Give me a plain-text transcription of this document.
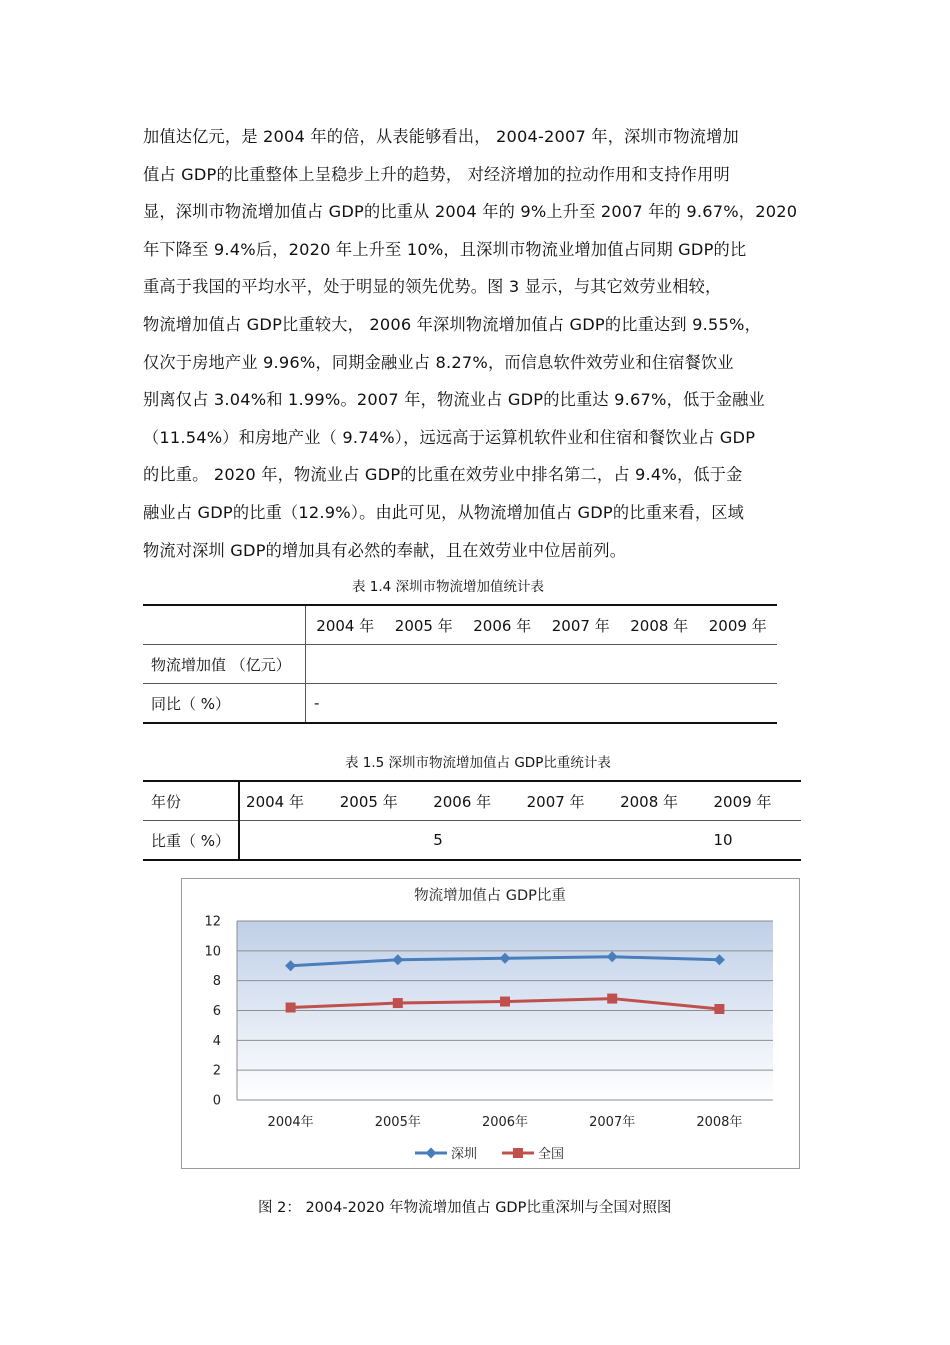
加值达亿元，是 2004 年的倍，从表能够看出， 2004-2007 年，深圳市物流增加
值占 GDP的比重整体上呈稳步上升的趋势， 对经济增加的拉动作用和支持作用明
显，深圳市物流增加值占 GDP的比重从 2004 年的 9%上升至 2007 年的 9.67%，2020
年下降至 9.4%后，2020 年上升至 10%，且深圳市物流业增加值占同期 GDP的比
重高于我国的平均水平，处于明显的领先优势。图 3 显示，与其它效劳业相较，
物流增加值占 GDP比重较大， 2006 年深圳物流增加值占 GDP的比重达到 9.55%，
仅次于房地产业 9.96%，同期金融业占 8.27%，而信息软件效劳业和住宿餐饮业
别离仅占 3.04%和 1.99%。2007 年，物流业占 GDP的比重达 9.67%，低于金融业
（11.54%）和房地产业（ 9.74%），远远高于运算机软件业和住宿和餐饮业占 GDP
的比重。 2020 年，物流业占 GDP的比重在效劳业中排名第二，占 9.4%，低于金
融业占 GDP的比重（12.9%）。由此可见，从物流增加值占 GDP的比重来看，区域
物流对深圳 GDP的增加具有必然的奉献，且在效劳业中位居前列。
表 1.4 深圳市物流增加值统计表
	2004 年	2005 年	2006 年	2007 年	2008 年	2009 年
物流增加值 （亿元）						
同比（ %）	-					
表 1.5 深圳市物流增加值占 GDP比重统计表
年份	2004 年	2005 年	2006 年	2007 年	2008 年	2009 年
比重（ %）			5			10
0
2
4
6
8
10
12
2004年	2005年	2006年	2007年	2008年
物流增加值占 GDP比重
深圳	全国
图 2： 2004-2020 年物流增加值占 GDP比重深圳与全国对照图
